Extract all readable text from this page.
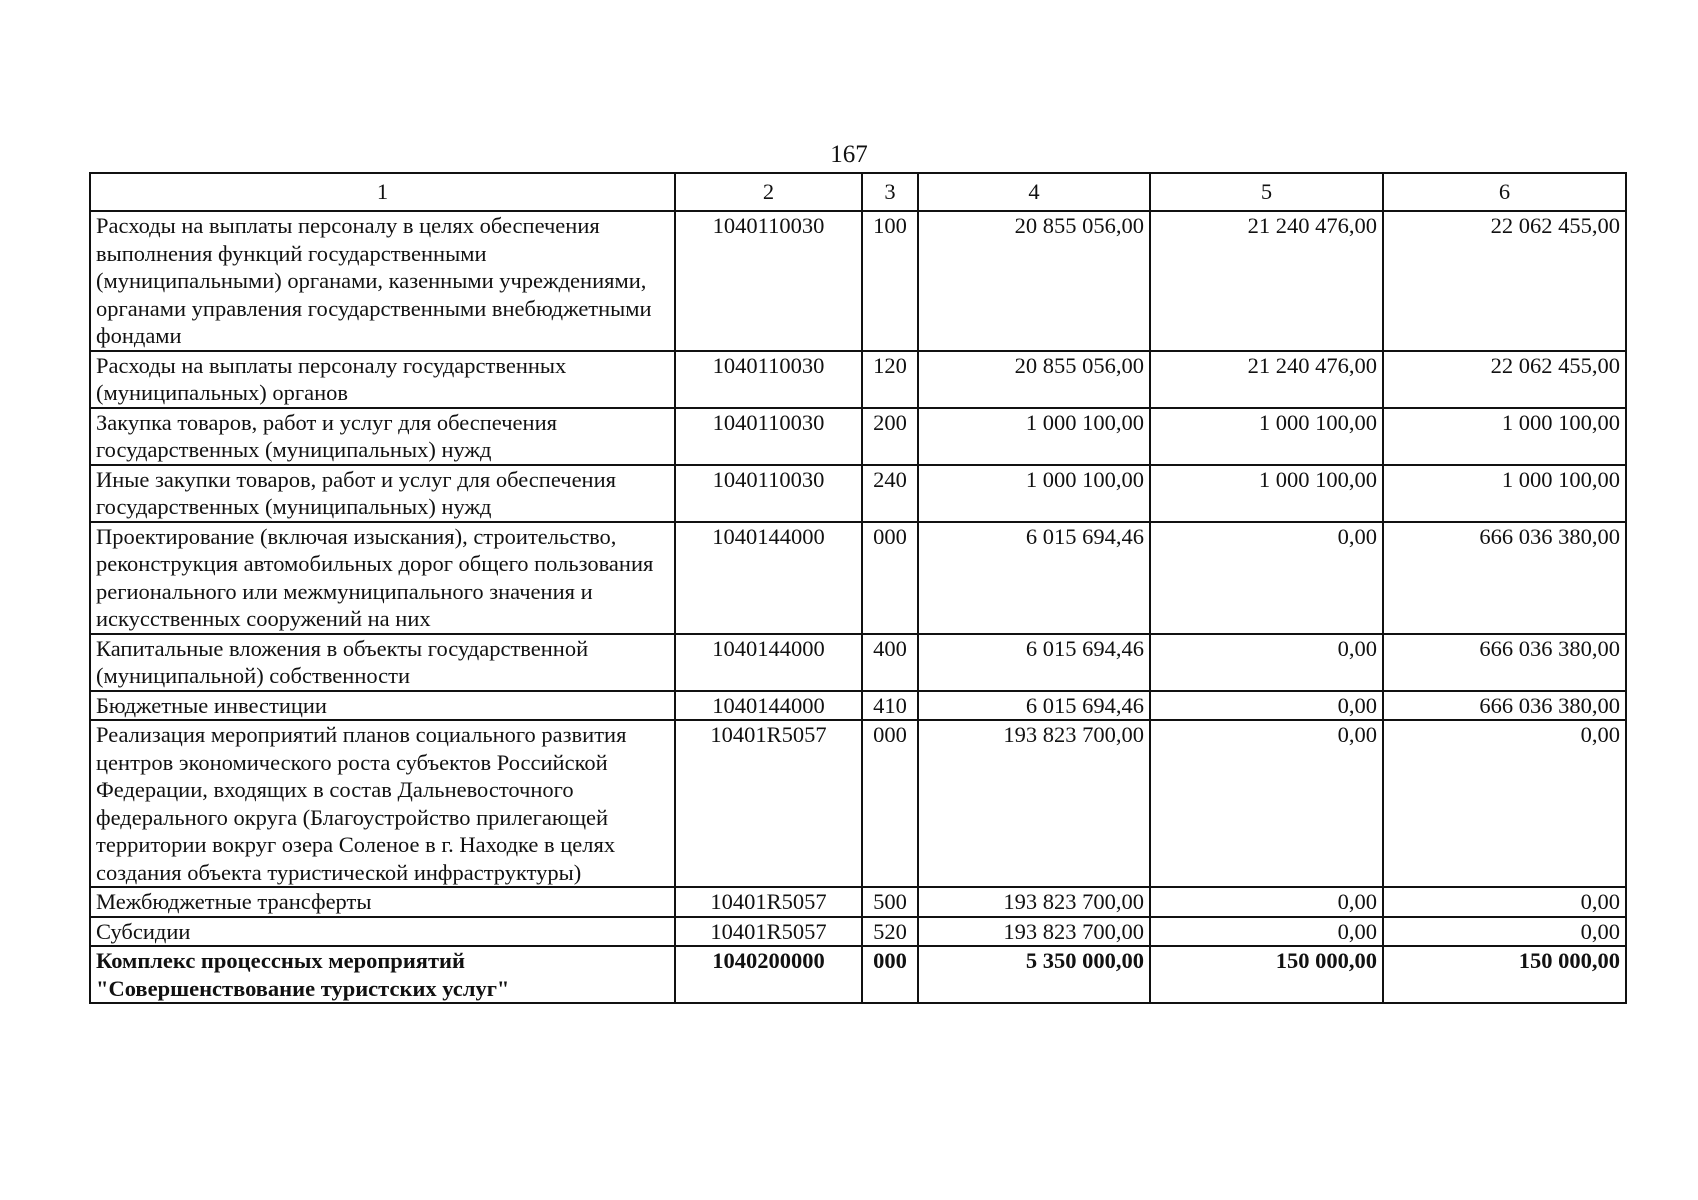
167
1	2	3	4	5	6
Расходы на выплаты персоналу в целях обеспечения выполнения функций государственными (муниципальными) органами, казенными учреждениями, органами управления государственными внебюджетными фондами	1040110030	100	20 855 056,00	21 240 476,00	22 062 455,00
Расходы на выплаты персоналу государственных (муниципальных) органов	1040110030	120	20 855 056,00	21 240 476,00	22 062 455,00
Закупка товаров, работ и услуг для обеспечения государственных (муниципальных) нужд	1040110030	200	1 000 100,00	1 000 100,00	1 000 100,00
Иные закупки товаров, работ и услуг для обеспечения государственных (муниципальных) нужд	1040110030	240	1 000 100,00	1 000 100,00	1 000 100,00
Проектирование (включая изыскания), строительство, реконструкция автомобильных дорог общего пользования регионального или межмуниципального значения и искусственных сооружений на них	1040144000	000	6 015 694,46	0,00	666 036 380,00
Капитальные вложения в объекты государственной (муниципальной) собственности	1040144000	400	6 015 694,46	0,00	666 036 380,00
Бюджетные инвестиции	1040144000	410	6 015 694,46	0,00	666 036 380,00
Реализация мероприятий планов социального развития центров экономического роста субъектов Российской Федерации, входящих в состав Дальневосточного федерального округа (Благоустройство прилегающей территории вокруг озера Соленое в г. Находке в целях создания объекта туристической инфраструктуры)	10401R5057	000	193 823 700,00	0,00	0,00
Межбюджетные трансферты	10401R5057	500	193 823 700,00	0,00	0,00
Субсидии	10401R5057	520	193 823 700,00	0,00	0,00
Комплекс процессных мероприятий "Совершенствование туристских услуг"	1040200000	000	5 350 000,00	150 000,00	150 000,00
